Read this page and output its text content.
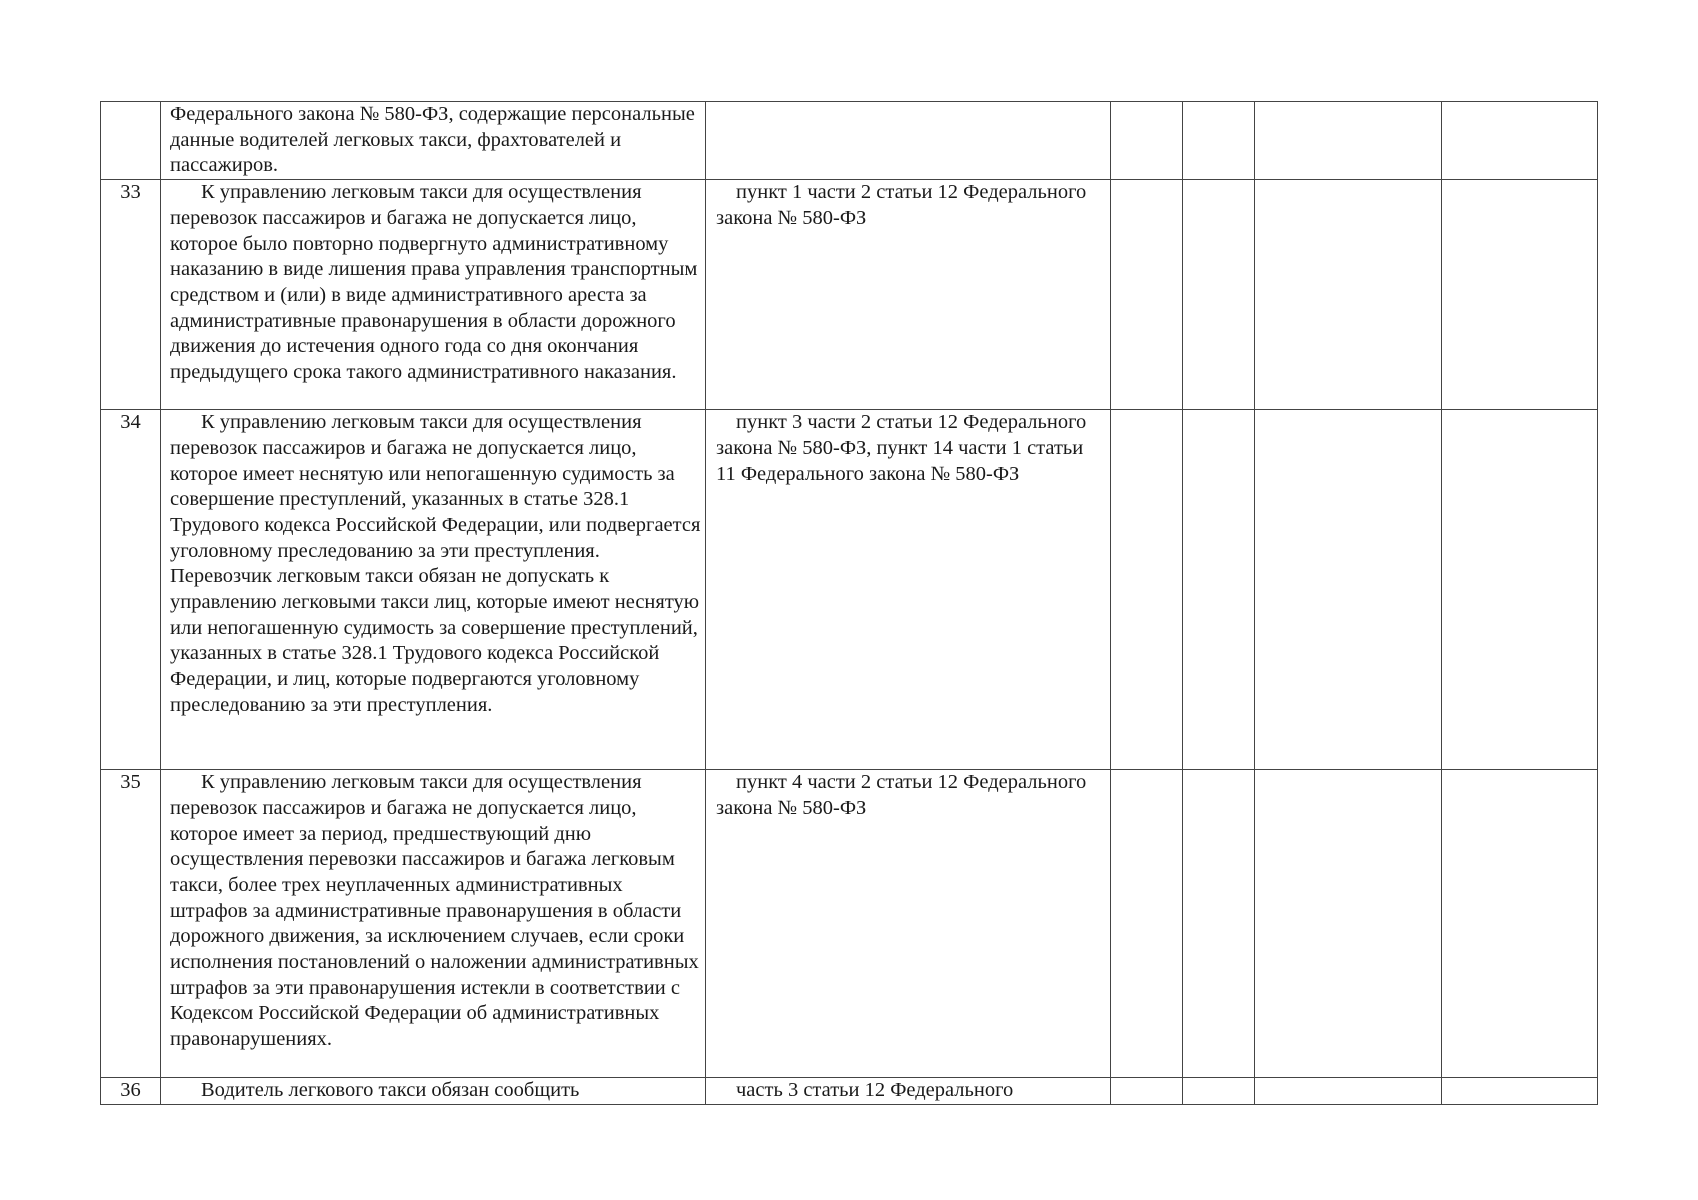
	Федерального закона № 580-ФЗ, содержащие персональные данные водителей легковых такси, фрахтователей и пассажиров.	

33	К управлению легковым такси для осуществления перевозок пассажиров и багажа не допускается лицо, которое было повторно подвергнуто административному наказанию в виде лишения права управления транспортным средством и (или) в виде административного ареста за административные правонарушения в области дорожного движения до истечения одного года со дня окончания предыдущего срока такого административного наказания.	пункт 1 части 2 статьи 12 Федерального закона № 580-ФЗ				

34	К управлению легковым такси для осуществления перевозок пассажиров и багажа не допускается лицо, которое имеет неснятую или непогашенную судимость за совершение преступлений, указанных в статье 328.1 Трудового кодекса Российской Федерации, или подвергается уголовному преследованию за эти преступления. Перевозчик легковым такси обязан не допускать к управлению легковыми такси лиц, которые имеют неснятую или непогашенную судимость за совершение преступлений, указанных в статье 328.1 Трудового кодекса Российской Федерации, и лиц, которые подвергаются уголовному преследованию за эти преступления.	пункт 3 части 2 статьи 12 Федерального закона № 580-ФЗ, пункт 14 части 1 статьи 11 Федерального закона № 580-ФЗ				

35	К управлению легковым такси для осуществления перевозок пассажиров и багажа не допускается лицо, которое имеет за период, предшествующий дню осуществления перевозки пассажиров и багажа легковым такси, более трех неуплаченных административных штрафов за административные правонарушения в области дорожного движения, за исключением случаев, если сроки исполнения постановлений о наложении административных штрафов за эти правонарушения истекли в соответствии с Кодексом Российской Федерации об административных правонарушениях.	пункт 4 части 2 статьи 12 Федерального закона № 580-ФЗ				

36	Водитель легкового такси обязан сообщить	часть 3 статьи 12 Федерального				
